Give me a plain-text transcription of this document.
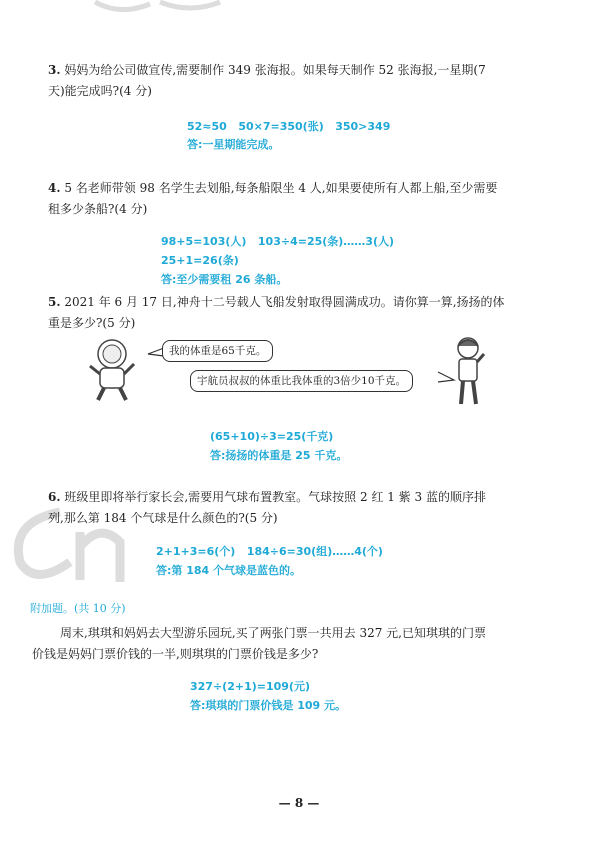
3. 妈妈为给公司做宣传,需要制作 349 张海报。如果每天制作 52 张海报,一星期(7
天)能完成吗?(4 分)
52≈50   50×7=350(张)   350>349
答:一星期能完成。
4. 5 名老师带领 98 名学生去划船,每条船限坐 4 人,如果要使所有人都上船,至少需要
租多少条船?(4 分)
98+5=103(人)   103÷4=25(条)……3(人)
25+1=26(条)
答:至少需要租 26 条船。
5. 2021 年 6 月 17 日,神舟十二号载人飞船发射取得圆满成功。请你算一算,扬扬的体
重是多少?(5 分)
我的体重是65千克。
宇航员叔叔的体重比我体重的3倍少10千克。
(65+10)÷3=25(千克)
答:扬扬的体重是 25 千克。
6. 班级里即将举行家长会,需要用气球布置教室。气球按照 2 红 1 紫 3 蓝的顺序排
列,那么第 184 个气球是什么颜色的?(5 分)
2+1+3=6(个)   184÷6=30(组)……4(个)
答:第 184 个气球是蓝色的。
附加题。(共 10 分)
周末,琪琪和妈妈去大型游乐园玩,买了两张门票一共用去 327 元,已知琪琪的门票
价钱是妈妈门票价钱的一半,则琪琪的门票价钱是多少?
327÷(2+1)=109(元)
答:琪琪的门票价钱是 109 元。
— 8 —
